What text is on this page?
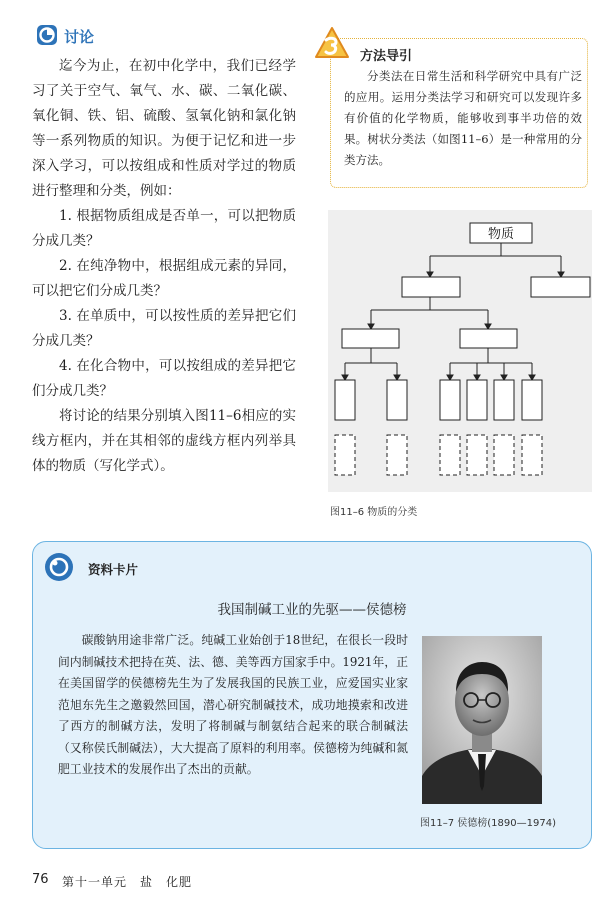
讨论

迄今为止，在初中化学中，我们已经学习了关于空气、氧气、水、碳、二氧化碳、氧化铜、铁、铝、硫酸、氢氧化钠和氯化钠等一系列物质的知识。为便于记忆和进一步深入学习，可以按组成和性质对学过的物质进行整理和分类，例如：

1. 根据物质组成是否单一，可以把物质分成几类？

2. 在纯净物中，根据组成元素的异同，可以把它们分成几类？

3. 在单质中，可以按性质的差异把它们分成几类？

4. 在化合物中，可以按组成的差异把它们分成几类？

将讨论的结果分别填入图11–6相应的实线方框内，并在其相邻的虚线方框内列举具体的物质（写化学式）。

方法导引

分类法在日常生活和科学研究中具有广泛的应用。运用分类法学习和研究可以发现许多有价值的化学物质，能够收到事半功倍的效果。树状分类法（如图11–6）是一种常用的分类方法。

物质
图11–6 物质的分类
资料卡片
我国制碱工业的先驱——侯德榜

碳酸钠用途非常广泛。纯碱工业始创于18世纪，在很长一段时间内制碱技术把持在英、法、德、美等西方国家手中。1921年，正在美国留学的侯德榜先生为了发展我国的民族工业，应爱国实业家范旭东先生之邀毅然回国，潜心研究制碱技术，成功地摸索和改进了西方的制碱方法，发明了将制碱与制氨结合起来的联合制碱法（又称侯氏制碱法），大大提高了原料的利用率。侯德榜为纯碱和氮肥工业技术的发展作出了杰出的贡献。

图11–7 侯德榜(1890—1974)
76 第十一单元　盐　化肥
